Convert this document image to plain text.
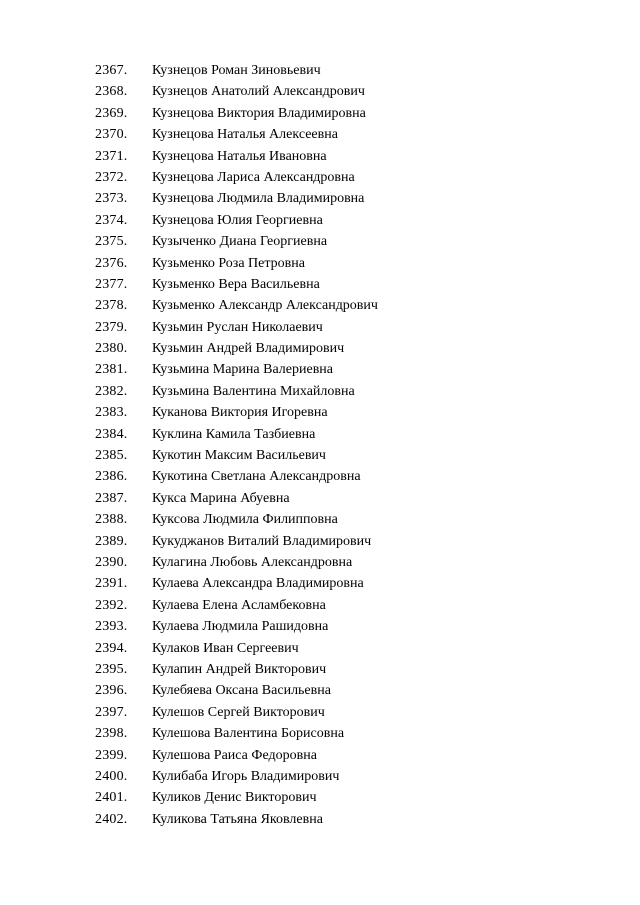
2367.	Кузнецов Роман Зиновьевич
2368.	Кузнецов Анатолий Александрович
2369.	Кузнецова Виктория Владимировна
2370.	Кузнецова Наталья Алексеевна
2371.	Кузнецова Наталья Ивановна
2372.	Кузнецова Лариса Александровна
2373.	Кузнецова Людмила Владимировна
2374.	Кузнецова Юлия Георгиевна
2375.	Кузыченко Диана Георгиевна
2376.	Кузьменко Роза Петровна
2377.	Кузьменко Вера Васильевна
2378.	Кузьменко Александр Александрович
2379.	Кузьмин Руслан Николаевич
2380.	Кузьмин Андрей Владимирович
2381.	Кузьмина Марина Валериевна
2382.	Кузьмина Валентина Михайловна
2383.	Куканова Виктория Игоревна
2384.	Куклина Камила Тазбиевна
2385.	Кукотин Максим Васильевич
2386.	Кукотина Светлана Александровна
2387.	Кукса Марина Абуевна
2388.	Куксова Людмила Филипповна
2389.	Кукуджанов Виталий Владимирович
2390.	Кулагина Любовь Александровна
2391.	Кулаева Александра Владимировна
2392.	Кулаева Елена Асламбековна
2393.	Кулаева Людмила Рашидовна
2394.	Кулаков Иван Сергеевич
2395.	Кулапин Андрей Викторович
2396.	Кулебяева Оксана Васильевна
2397.	Кулешов Сергей Викторович
2398.	Кулешова Валентина Борисовна
2399.	Кулешова Раиса Федоровна
2400.	Кулибаба Игорь Владимирович
2401.	Куликов Денис Викторович
2402.	Куликова Татьяна Яковлевна
